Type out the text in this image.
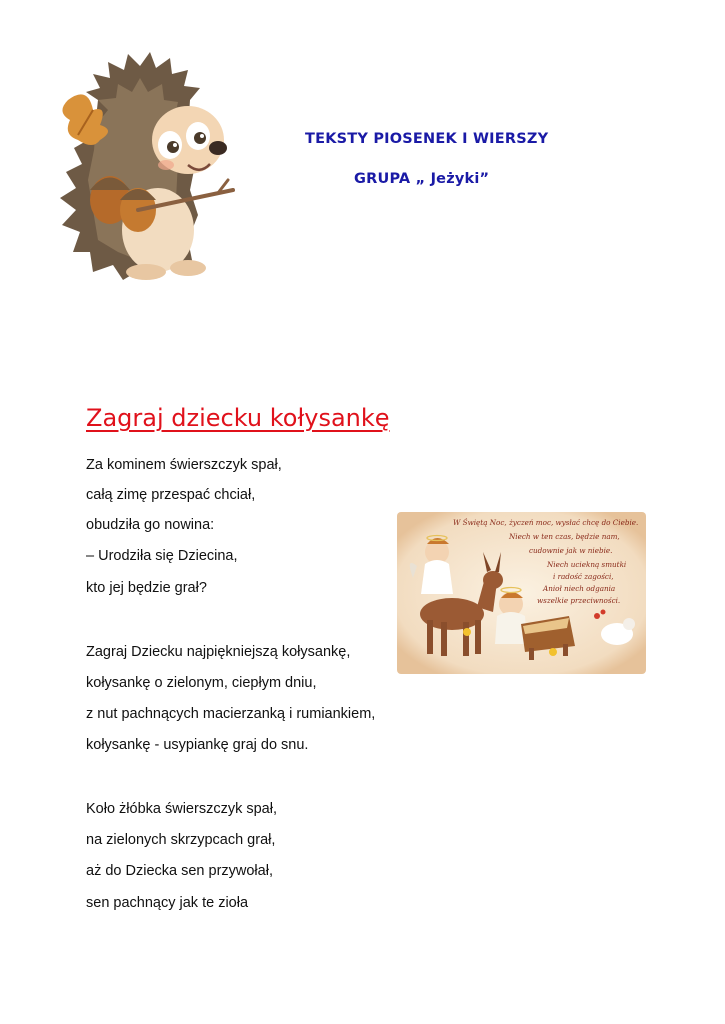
TEKSTY PIOSENEK I WIERSZY
GRUPA „ Jeżyki”
Zagraj dziecku kołysankę
Za kominem świerszczyk spał,
całą zimę przespać chciał,
obudziła go nowina:
– Urodziła się Dziecina,
kto jej będzie grał?
Zagraj Dziecku najpiękniejszą kołysankę,
kołysankę o zielonym, ciepłym dniu,
z nut pachnących macierzanką i rumiankiem,
kołysankę - usypiankę graj do snu.
Koło żłóbka świerszczyk spał,
na zielonych skrzypcach grał,
aż do Dziecka sen przywołał,
sen pachnący jak te zioła
W Świętą Noc, życzeń moc, wysłać chcę do Ciebie.
Niech w ten czas, będzie nam,
cudownie jak w niebie.
Niech uciekną smutki
i radość zagości,
Anioł niech odgania
wszelkie przeciwności.
